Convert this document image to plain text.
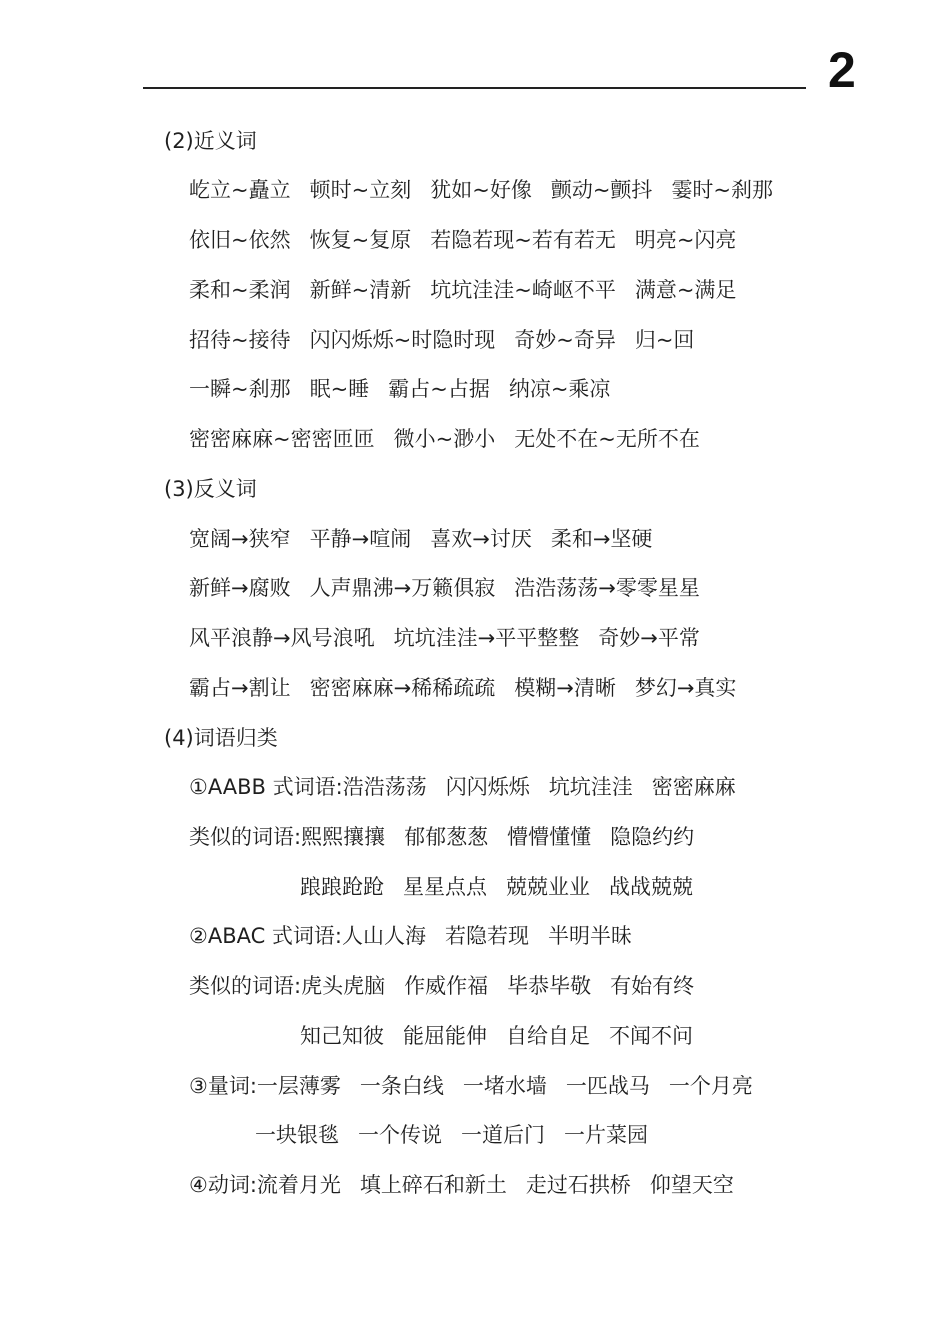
2
(2)近义词
屹立~矗立 顿时~立刻 犹如~好像 颤动~颤抖 霎时~刹那
依旧~依然 恢复~复原 若隐若现~若有若无 明亮~闪亮
柔和~柔润 新鲜~清新 坑坑洼洼~崎岖不平 满意~满足
招待~接待 闪闪烁烁~时隐时现 奇妙~奇异 归~回
一瞬~刹那 眠~睡 霸占~占据 纳凉~乘凉
密密麻麻~密密匝匝 微小~渺小 无处不在~无所不在
(3)反义词
宽阔→狭窄 平静→喧闹 喜欢→讨厌 柔和→坚硬
新鲜→腐败 人声鼎沸→万籁俱寂 浩浩荡荡→零零星星
风平浪静→风号浪吼 坑坑洼洼→平平整整 奇妙→平常
霸占→割让 密密麻麻→稀稀疏疏 模糊→清晰 梦幻→真实
(4)词语归类
①AABB 式词语:浩浩荡荡 闪闪烁烁 坑坑洼洼 密密麻麻
类似的词语:熙熙攘攘 郁郁葱葱 懵懵懂懂 隐隐约约
踉踉跄跄 星星点点 兢兢业业 战战兢兢
②ABAC 式词语:人山人海 若隐若现 半明半昧
类似的词语:虎头虎脑 作威作福 毕恭毕敬 有始有终
知己知彼 能屈能伸 自给自足 不闻不问
③量词:一层薄雾 一条白线 一堵水墙 一匹战马 一个月亮
一块银毯 一个传说 一道后门 一片菜园
④动词:流着月光 填上碎石和新土 走过石拱桥 仰望天空
